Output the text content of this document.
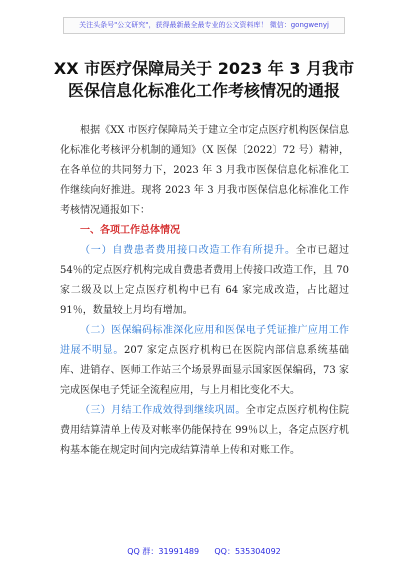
关注头条号"公文研究"，获得最新最全最专业的公文资料库！ 微信：gongwenyj
XX 市医疗保障局关于 2023 年 3 月我市
医保信息化标准化工作考核情况的通报

根据《XX 市医疗保障局关于建立全市定点医疗机构医保信息化标准化考核评分机制的通知》（X 医保〔2022〕72 号）精神，在各单位的共同努力下，2023 年 3 月我市医保信息化标准化工作继续向好推进。现将 2023 年 3 月我市医保信息化标准化工作考核情况通报如下：

一、各项工作总体情况

（一）自费患者费用接口改造工作有所提升。全市已超过 54％的定点医疗机构完成自费患者费用上传接口改造工作，且 70 家二级及以上定点医疗机构中已有 64 家完成改造，占比超过 91％，数量较上月均有增加。

（二）医保编码标准深化应用和医保电子凭证推广应用工作进展不明显。207 家定点医疗机构已在医院内部信息系统基础库、进销存、医师工作站三个场景界面显示国家医保编码，73 家完成医保电子凭证全流程应用，与上月相比变化不大。

（三）月结工作成效得到继续巩固。全市定点医疗机构住院费用结算清单上传及对帐率仍能保持在 99％以上，各定点医疗机构基本能在规定时间内完成结算清单上传和对账工作。

QQ 群：31991489      QQ：535304092
